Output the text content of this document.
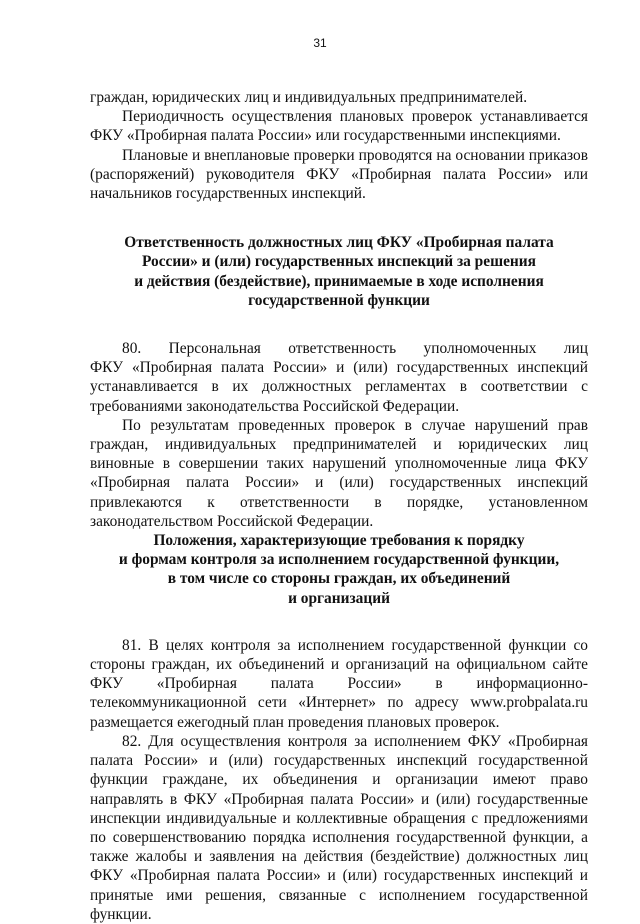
31

граждан, юридических лиц и индивидуальных предпринимателей.

Периодичность осуществления плановых проверок устанавливается ФКУ «Пробирная палата России» или государственными инспекциями.

Плановые и внеплановые проверки проводятся на основании приказов (распоряжений) руководителя ФКУ «Пробирная палата России» или начальников государственных инспекций.

Ответственность должностных лиц ФКУ «Пробирная палата
России» и (или) государственных инспекций за решения
и действия (бездействие), принимаемые в ходе исполнения
государственной функции
80. Персональная ответственность уполномоченных лиц

ФКУ «Пробирная палата России» и (или) государственных инспекций устанавливается в их должностных регламентах в соответствии с требованиями законодательства Российской Федерации.

По результатам проведенных проверок в случае нарушений прав граждан, индивидуальных предпринимателей и юридических лиц виновные в совершении таких нарушений уполномоченные лица ФКУ «Пробирная палата России» и (или) государственных инспекций привлекаются к ответственности в порядке, установленном законодательством Российской Федерации.

Положения, характеризующие требования к порядку
и формам контроля за исполнением государственной функции,
в том числе со стороны граждан, их объединений
и организаций

81. В целях контроля за исполнением государственной функции со стороны граждан, их объединений и организаций на официальном сайте ФКУ «Пробирная палата России» в информационно-телекоммуникационной сети «Интернет» по адресу www.probpalata.ru размещается ежегодный план проведения плановых проверок.

82. Для осуществления контроля за исполнением ФКУ «Пробирная палата России» и (или) государственных инспекций государственной функции граждане, их объединения и организации имеют право направлять в ФКУ «Пробирная палата России» и (или) государственные инспекции индивидуальные и коллективные обращения с предложениями по совершенствованию порядка исполнения государственной функции, а также жалобы и заявления на действия (бездействие) должностных лиц ФКУ «Пробирная палата России» и (или) государственных инспекций и принятые ими решения, связанные с исполнением государственной функции.
